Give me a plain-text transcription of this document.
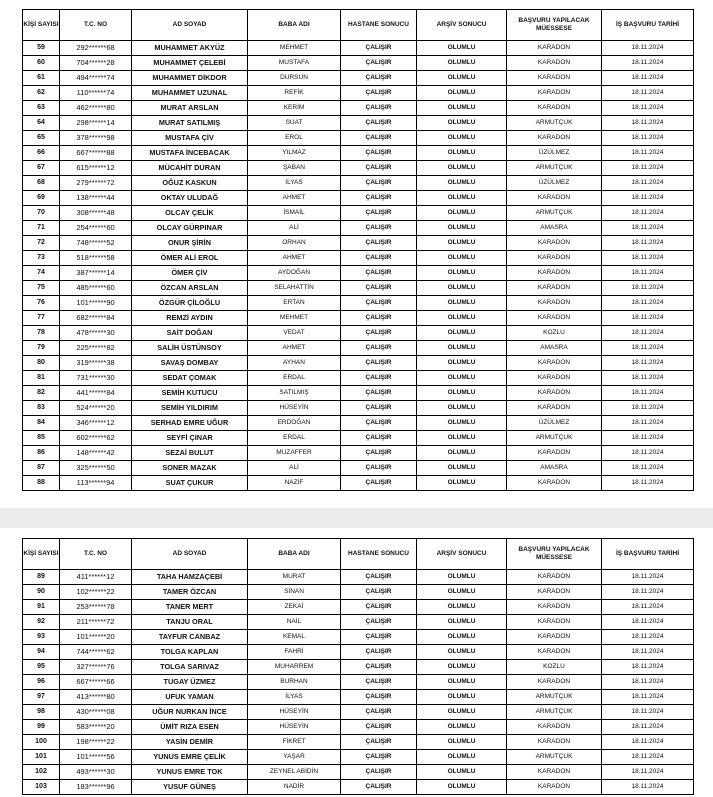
KİŞİ SAYISI	T.C. NO	AD SOYAD	BABA ADI	HASTANE SONUCU	ARŞİV SONUCU	BAŞVURU YAPILACAK MÜESSESE	İŞ BAŞVURU TARİHİ
59	292******68	MUHAMMET AKYÜZ	MEHMET	ÇALIŞIR	OLUMLU	KARADON	18.11.2024
60	704******28	MUHAMMET ÇELEBİ	MUSTAFA	ÇALIŞIR	OLUMLU	KARADON	18.11.2024
61	494******74	MUHAMMET DİKDOR	DURSUN	ÇALIŞIR	OLUMLU	KARADON	18.11.2024
62	110******74	MUHAMMET UZUNAL	REFİK	ÇALIŞIR	OLUMLU	KARADON	18.11.2024
63	462******80	MURAT ARSLAN	KERİM	ÇALIŞIR	OLUMLU	KARADON	18.11.2024
64	298******14	MURAT SATILMIŞ	SUAT	ÇALIŞIR	OLUMLU	ARMUTÇUK	18.11.2024
65	378******98	MUSTAFA ÇİV	EROL	ÇALIŞIR	OLUMLU	KARADON	18.11.2024
66	667******88	MUSTAFA İNCEBACAK	YILMAZ	ÇALIŞIR	OLUMLU	ÜZÜLMEZ	18.11.2024
67	615******12	MÜCAHİT DURAN	ŞABAN	ÇALIŞIR	OLUMLU	ARMUTÇUK	18.11.2024
68	279******72	OĞUZ KASKUN	İLYAS	ÇALIŞIR	OLUMLU	ÜZÜLMEZ	18.11.2024
69	138******44	OKTAY ULUDAĞ	AHMET	ÇALIŞIR	OLUMLU	KARADON	18.11.2024
70	308******48	OLCAY ÇELİK	İSMAİL	ÇALIŞIR	OLUMLU	ARMUTÇUK	18.11.2024
71	254******60	OLCAY GÜRPINAR	ALİ	ÇALIŞIR	OLUMLU	AMASRA	18.11.2024
72	748******52	ONUR ŞİRİN	ORHAN	ÇALIŞIR	OLUMLU	KARADON	18.11.2024
73	518******58	ÖMER ALİ EROL	AHMET	ÇALIŞIR	OLUMLU	KARADON	18.11.2024
74	387******14	ÖMER ÇİV	AYDOĞAN	ÇALIŞIR	OLUMLU	KARADON	18.11.2024
75	485******60	ÖZCAN ARSLAN	SELAHATTİN	ÇALIŞIR	OLUMLU	KARADON	18.11.2024
76	101******90	ÖZGÜR ÇİLOĞLU	ERTAN	ÇALIŞIR	OLUMLU	KARADON	18.11.2024
77	682******84	REMZİ AYDIN	MEHMET	ÇALIŞIR	OLUMLU	KARADON	18.11.2024
78	478******30	SAİT DOĞAN	VEDAT	ÇALIŞIR	OLUMLU	KOZLU	18.11.2024
79	225******82	SALİH ÜSTÜNSOY	AHMET	ÇALIŞIR	OLUMLU	AMASRA	18.11.2024
80	319******38	SAVAŞ DOMBAY	AYHAN	ÇALIŞIR	OLUMLU	KARADON	18.11.2024
81	731******30	SEDAT ÇOMAK	ERDAL	ÇALIŞIR	OLUMLU	KARADON	18.11.2024
82	441******84	SEMİH KUTUCU	SATILMIŞ	ÇALIŞIR	OLUMLU	KARADON	18.11.2024
83	524******20	SEMİH YILDIRIM	HÜSEYİN	ÇALIŞIR	OLUMLU	KARADON	18.11.2024
84	346******12	SERHAD EMRE UĞUR	ERDOĞAN	ÇALIŞIR	OLUMLU	ÜZÜLMEZ	18.11.2024
85	602******62	SEYFİ ÇINAR	ERDAL	ÇALIŞIR	OLUMLU	ARMUTÇUK	18.11.2024
86	148******42	SEZAİ BULUT	MUZAFFER	ÇALIŞIR	OLUMLU	KARADON	18.11.2024
87	325******50	SONER MAZAK	ALİ	ÇALIŞIR	OLUMLU	AMASRA	18.11.2024
88	113******94	SUAT ÇUKUR	NAZİF	ÇALIŞIR	OLUMLU	KARADON	18.11.2024
KİŞİ SAYISI	T.C. NO	AD SOYAD	BABA ADI	HASTANE SONUCU	ARŞİV SONUCU	BAŞVURU YAPILACAK MÜESSESE	İŞ BAŞVURU TARİHİ
89	411******12	TAHA HAMZAÇEBİ	MURAT	ÇALIŞIR	OLUMLU	KARADON	18.11.2024
90	102******22	TAMER ÖZCAN	SİNAN	ÇALIŞIR	OLUMLU	KARADON	18.11.2024
91	253******78	TANER MERT	ZEKAİ	ÇALIŞIR	OLUMLU	KARADON	18.11.2024
92	211******72	TANJU ORAL	NAİL	ÇALIŞIR	OLUMLU	KARADON	18.11.2024
93	101******20	TAYFUR CANBAZ	KEMAL	ÇALIŞIR	OLUMLU	KARADON	18.11.2024
94	744******62	TOLGA KAPLAN	FAHRİ	ÇALIŞIR	OLUMLU	KARADON	18.11.2024
95	327******76	TOLGA SARIVAZ	MUHARREM	ÇALIŞIR	OLUMLU	KOZLU	18.11.2024
96	667******66	TUGAY ÜZMEZ	BURHAN	ÇALIŞIR	OLUMLU	KARADON	18.11.2024
97	413******80	UFUK YAMAN	İLYAS	ÇALIŞIR	OLUMLU	ARMUTÇUK	18.11.2024
98	430******08	UĞUR NURKAN İNCE	HÜSEYİN	ÇALIŞIR	OLUMLU	ARMUTÇUK	18.11.2024
99	583******20	ÜMİT RIZA ESEN	HÜSEYİN	ÇALIŞIR	OLUMLU	KARADON	18.11.2024
100	198******22	YASİN DEMİR	FİKRET	ÇALIŞIR	OLUMLU	KARADON	18.11.2024
101	101******56	YUNUS EMRE ÇELİK	YAŞAR	ÇALIŞIR	OLUMLU	ARMUTÇUK	18.11.2024
102	493******30	YUNUS EMRE TOK	ZEYNEL ABİDİN	ÇALIŞIR	OLUMLU	KARADON	18.11.2024
103	183******96	YUSUF GÜNEŞ	NADİR	ÇALIŞIR	OLUMLU	KARADON	18.11.2024
